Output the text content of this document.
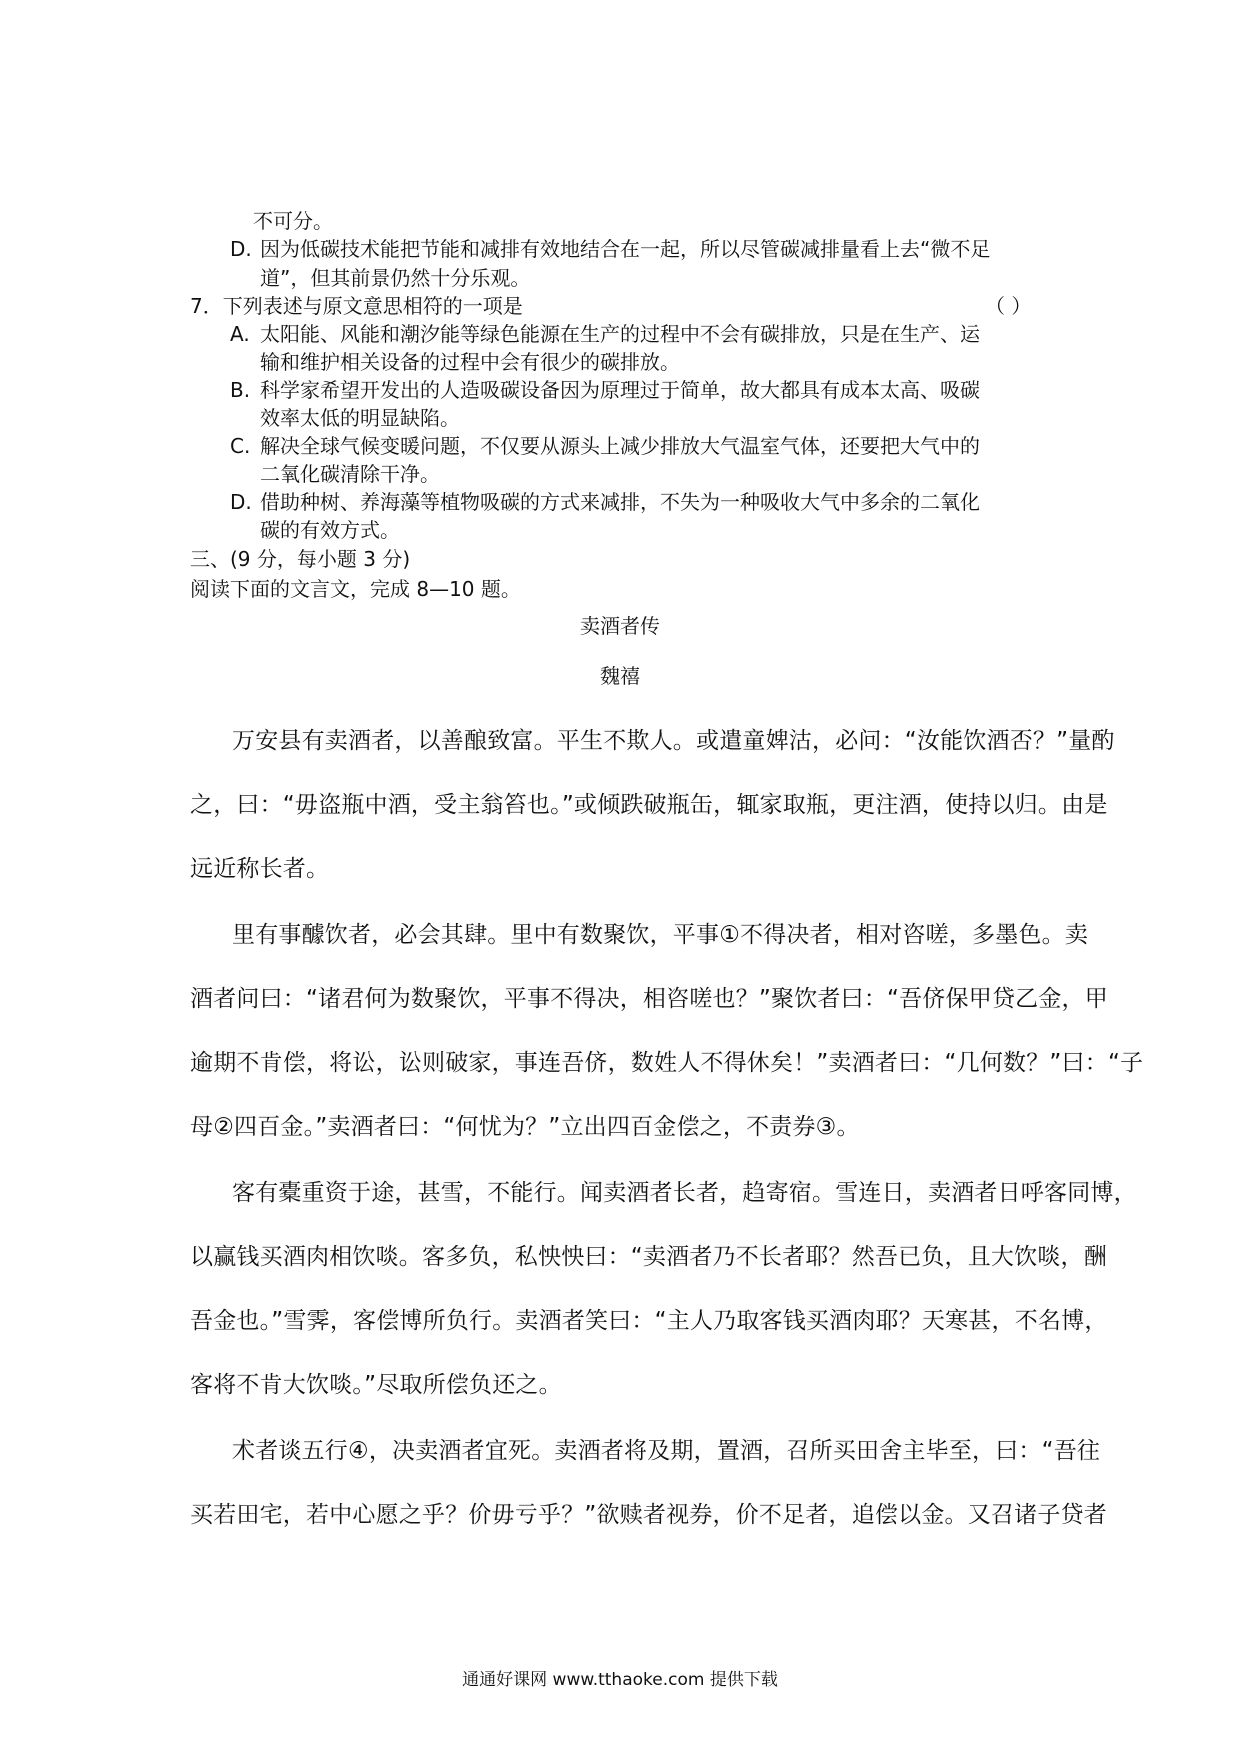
不可分。
D. 因为低碳技术能把节能和减排有效地结合在一起，所以尽管碳减排量看上去“微不足
道”，但其前景仍然十分乐观。
7．下列表述与原文意思相符的一项是	（ ）
A. 太阳能、风能和潮汐能等绿色能源在生产的过程中不会有碳排放，只是在生产、运
输和维护相关设备的过程中会有很少的碳排放。
B. 科学家希望开发出的人造吸碳设备因为原理过于简单，故大都具有成本太高、吸碳
效率太低的明显缺陷。
C. 解决全球气候变暖问题，不仅要从源头上减少排放大气温室气体，还要把大气中的
二氧化碳清除干净。
D. 借助种树、养海藻等植物吸碳的方式来减排，不失为一种吸收大气中多余的二氧化
碳的有效方式。
三、(9 分，每小题 3 分)
阅读下面的文言文，完成 8—10 题。
卖酒者传
魏禧
万安县有卖酒者，以善酿致富。平生不欺人。或遣童婢沽，必问：“汝能饮酒否？”量酌
之，曰：“毋盗瓶中酒，受主翁笞也。”或倾跌破瓶缶，辄家取瓶，更注酒，使持以归。由是
远近称长者。
里有事醵饮者，必会其肆。里中有数聚饮，平事①不得决者，相对咨嗟，多墨色。卖
酒者问曰：“诸君何为数聚饮，平事不得决，相咨嗟也？”聚饮者曰：“吾侪保甲贷乙金，甲
逾期不肯偿，将讼，讼则破家，事连吾侪，数姓人不得休矣！”卖酒者曰：“几何数？”曰：“子
母②四百金。”卖酒者曰：“何忧为？”立出四百金偿之，不责券③。
客有橐重资于途，甚雪，不能行。闻卖酒者长者，趋寄宿。雪连日，卖酒者日呼客同博，
以赢钱买酒肉相饮啖。客多负，私怏怏曰：“卖酒者乃不长者耶？然吾已负，且大饮啖，酬
吾金也。”雪霁，客偿博所负行。卖酒者笑曰：“主人乃取客钱买酒肉耶？天寒甚，不名博，
客将不肯大饮啖。”尽取所偿负还之。
术者谈五行④，决卖酒者宜死。卖酒者将及期，置酒，召所买田舍主毕至，曰：“吾往
买若田宅，若中心愿之乎？价毋亏乎？”欲赎者视券，价不足者，追偿以金。又召诸子贷者
通通好课网 www.tthaoke.com 提供下载
